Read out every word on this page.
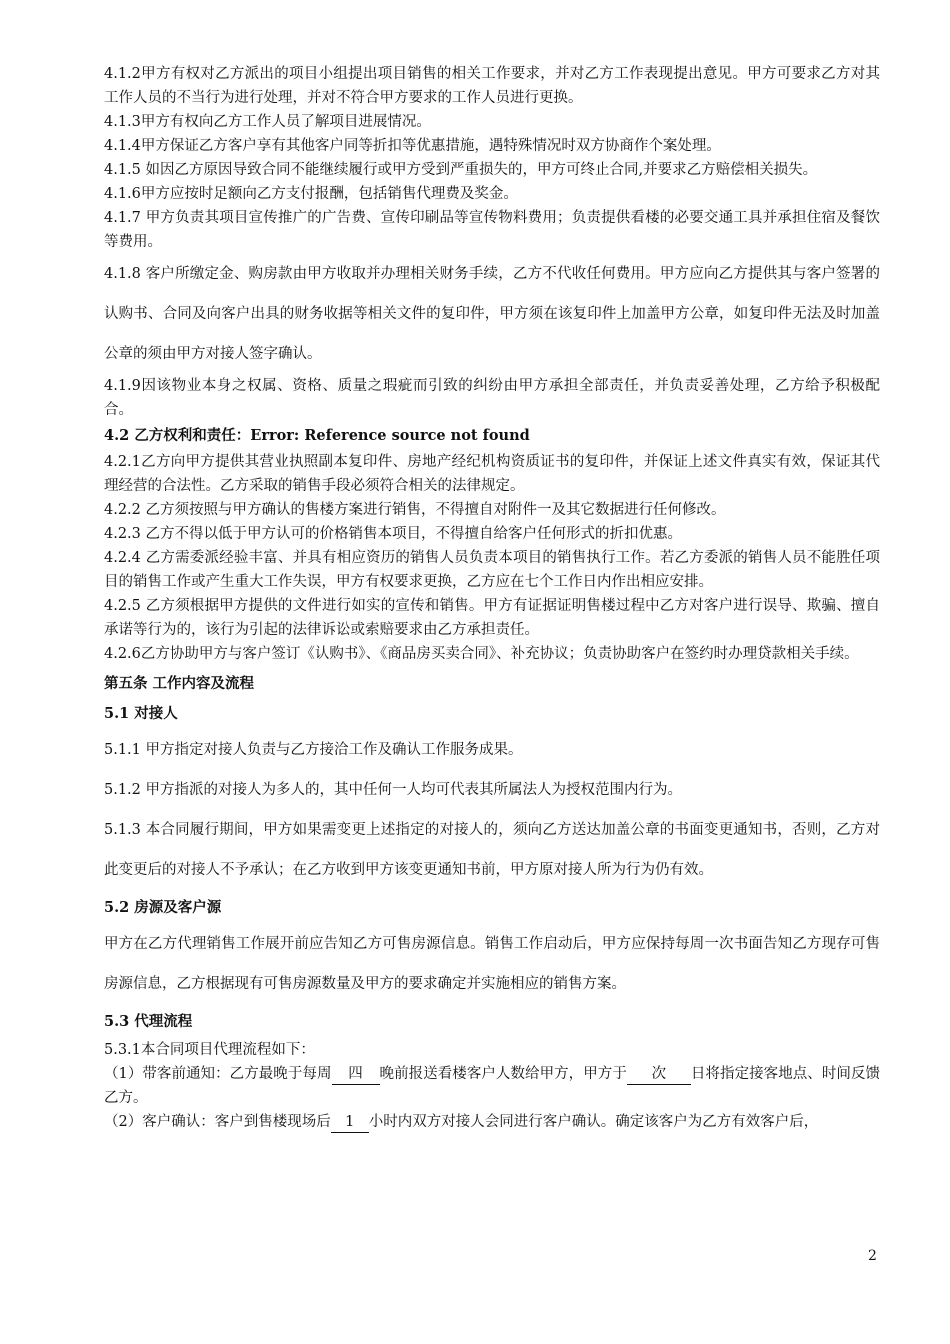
4.1.2甲方有权对乙方派出的项目小组提出项目销售的相关工作要求，并对乙方工作表现提出意见。甲方可要求乙方对其工作人员的不当行为进行处理，并对不符合甲方要求的工作人员进行更换。

4.1.3甲方有权向乙方工作人员了解项目进展情况。

4.1.4甲方保证乙方客户享有其他客户同等折扣等优惠措施，遇特殊情况时双方协商作个案处理。

4.1.5 如因乙方原因导致合同不能继续履行或甲方受到严重损失的，甲方可终止合同,并要求乙方赔偿相关损失。

4.1.6甲方应按时足额向乙方支付报酬，包括销售代理费及奖金。

4.1.7 甲方负责其项目宣传推广的广告费、宣传印刷品等宣传物料费用；负责提供看楼的必要交通工具并承担住宿及餐饮等费用。

4.1.8 客户所缴定金、购房款由甲方收取并办理相关财务手续，乙方不代收任何费用。甲方应向乙方提供其与客户签署的认购书、合同及向客户出具的财务收据等相关文件的复印件，甲方须在该复印件上加盖甲方公章，如复印件无法及时加盖公章的须由甲方对接人签字确认。

4.1.9因该物业本身之权属、资格、质量之瑕疵而引致的纠纷由甲方承担全部责任，并负责妥善处理，乙方给予积极配合。

4.2 乙方权利和责任：Error: Reference source not found

4.2.1乙方向甲方提供其营业执照副本复印件、房地产经纪机构资质证书的复印件，并保证上述文件真实有效，保证其代理经营的合法性。乙方采取的销售手段必须符合相关的法律规定。

4.2.2 乙方须按照与甲方确认的售楼方案进行销售，不得擅自对附件一及其它数据进行任何修改。

4.2.3 乙方不得以低于甲方认可的价格销售本项目，不得擅自给客户任何形式的折扣优惠。

4.2.4 乙方需委派经验丰富、并具有相应资历的销售人员负责本项目的销售执行工作。若乙方委派的销售人员不能胜任项目的销售工作或产生重大工作失误，甲方有权要求更换，乙方应在七个工作日内作出相应安排。

4.2.5 乙方须根据甲方提供的文件进行如实的宣传和销售。甲方有证据证明售楼过程中乙方对客户进行误导、欺骗、擅自承诺等行为的，该行为引起的法律诉讼或索赔要求由乙方承担责任。

4.2.6乙方协助甲方与客户签订《认购书》、《商品房买卖合同》、补充协议；负责协助客户在签约时办理贷款相关手续。

第五条 工作内容及流程

5.1 对接人

5.1.1 甲方指定对接人负责与乙方接洽工作及确认工作服务成果。

5.1.2 甲方指派的对接人为多人的，其中任何一人均可代表其所属法人为授权范围内行为。

5.1.3 本合同履行期间，甲方如果需变更上述指定的对接人的，须向乙方送达加盖公章的书面变更通知书，否则，乙方对此变更后的对接人不予承认；在乙方收到甲方该变更通知书前，甲方原对接人所为行为仍有效。

5.2 房源及客户源

甲方在乙方代理销售工作展开前应告知乙方可售房源信息。销售工作启动后，甲方应保持每周一次书面告知乙方现存可售房源信息，乙方根据现有可售房源数量及甲方的要求确定并实施相应的销售方案。

5.3 代理流程

5.3.1本合同项目代理流程如下：

（1）带客前通知：乙方最晚于每周 四 晚前报送看楼客户人数给甲方，甲方于 次 日将指定接客地点、时间反馈乙方。

（2）客户确认：客户到售楼现场后 1 小时内双方对接人会同进行客户确认。确定该客户为乙方有效客户后，

2
